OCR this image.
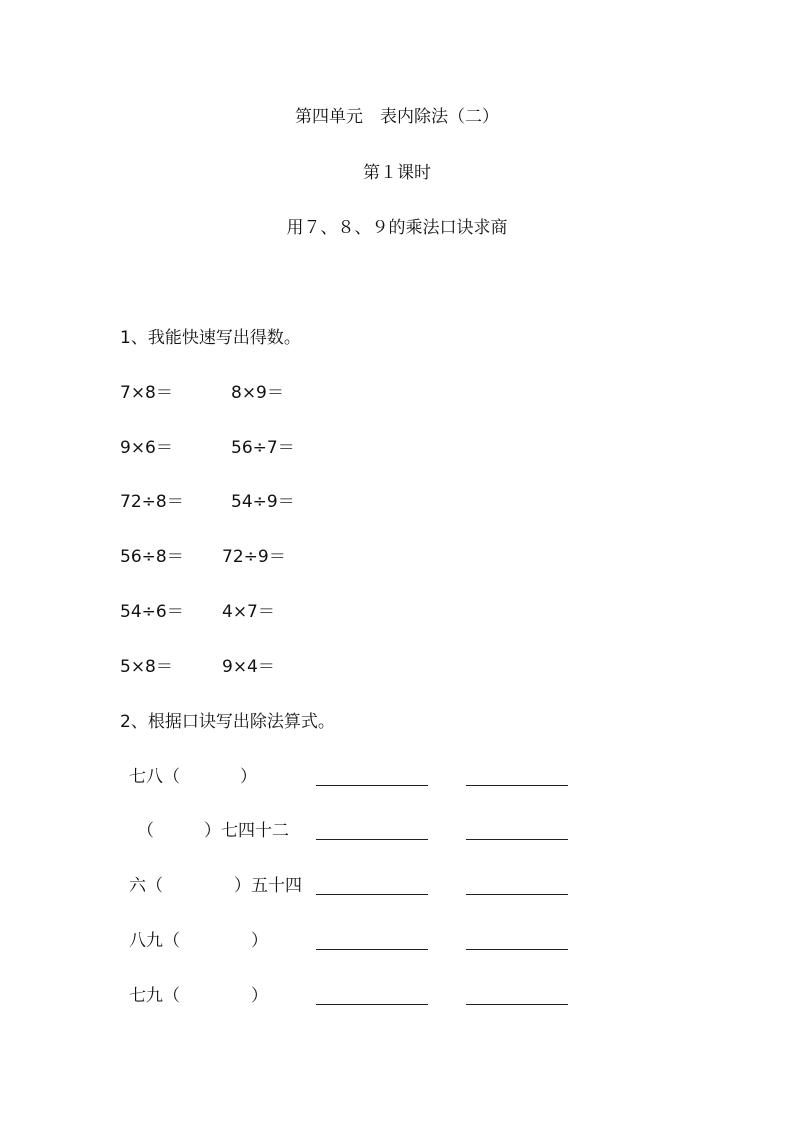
第四单元　表内除法（二）
第１课时
用７、８、９的乘法口诀求商
1、我能快速写出得数。
7×8＝	8×9＝
9×6＝	56÷7＝
72÷8＝	54÷9＝
56÷8＝ 72÷9＝
54÷6＝ 4×7＝
5×8＝	9×4＝
2、根据口诀写出除法算式。
七八（	）
（	）七四十二
六（	）五十四
八九（	）
七九（	）
